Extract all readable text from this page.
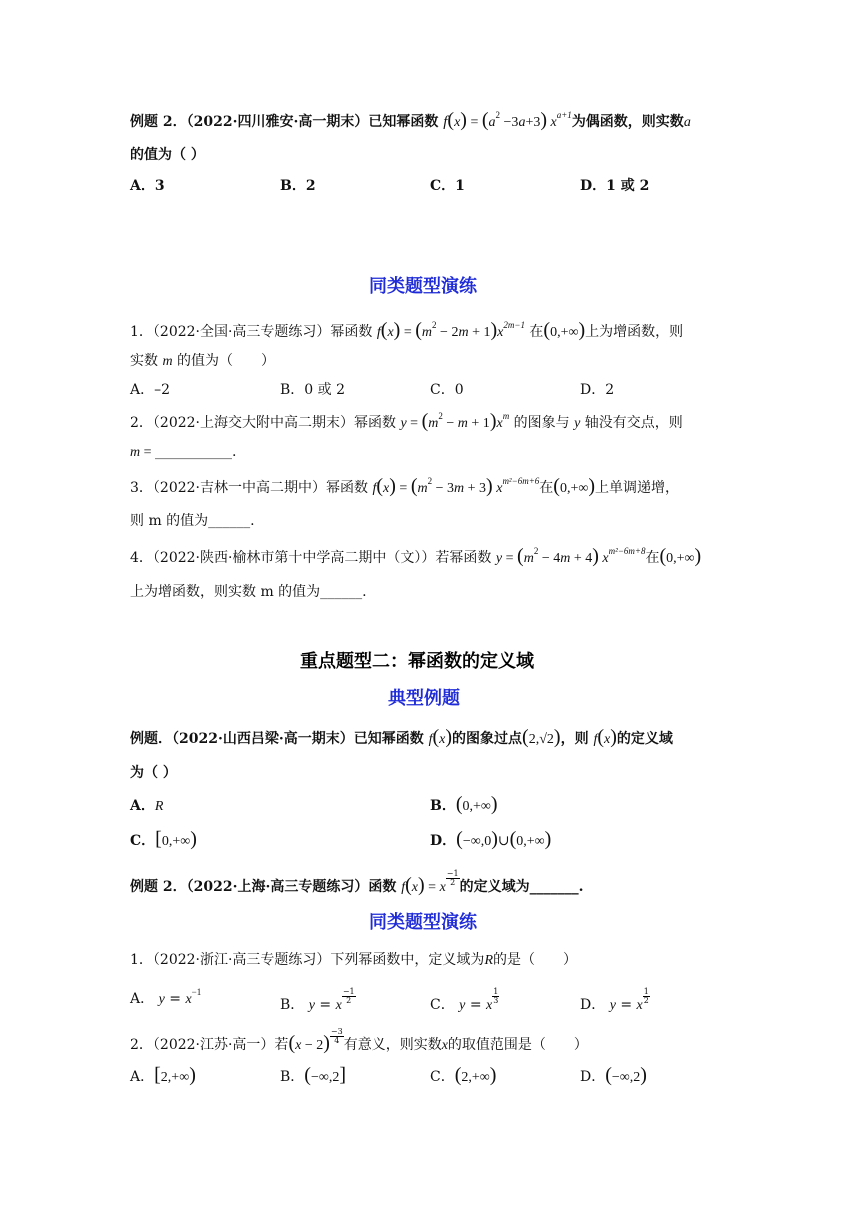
例题 2．（2022·四川雅安·高一期末）已知幂函数 $f(x) = (a^2 -3a+3)$ $x^{a+1}$为偶函数，则实数a
的值为（ ）
A．3	B．2	C．1	D．1 或 2
同类题型演练
1．（2022·全国·高三专题练习）幂函数 $f(x) = (m^2 - 2m + 1)x^{2m-1}$ 在(0,+∞)上为增函数，则
实数 m 的值为（　　）
A．–2	B．0 或 2	C．0	D．2
2．（2022·上海交大附中高二期末）幂函数 $y = (m^2 - m + 1)x^m$ 的图象与 y 轴没有交点，则
m = ___________.
3．（2022·吉林一中高二期中）幂函数 $f(x) = (m^2 - 3m + 3)$ $x^{m^2-6m+6}$在(0,+∞)上单调递增，
则 m 的值为______.
4．（2022·陕西·榆林市第十中学高二期中（文））若幂函数 $y = (m^2 - 4m + 4)$ $x^{m^2-6m+8}$在(0,+∞)
上为增函数，则实数 m 的值为______.
重点题型二：幂函数的定义域
典型例题
例题．（2022·山西吕梁·高一期末）已知幂函数 f(x)的图象过点(2,√2)，则 f(x)的定义域
为（ ）
A．R	B．(0,+∞)
C．[0,+∞)	D．(−∞,0)∪(0,+∞)
例题 2．（2022·上海·高三专题练习）函数 f(x) = x
$\frac{-1}{2}$ 的定义域为_______.
同类题型演练
1．（2022·浙江·高三专题练习）下列幂函数中，定义域为R的是（　　）
A． $y = x^{-1}$
B． y = x
$\frac{-1}{2}$	C． y = x
$\frac{1}{3}$	D． y = x
$\frac{1}{2}$
2．（2022·江苏·高一）若$(x - 2) \frac{-3}{4}$ 有意义，则实数x的取值范围是（　　）
A．[2,+∞)	B．(−∞,2]	C．(2,+∞)	D．(−∞,2)
